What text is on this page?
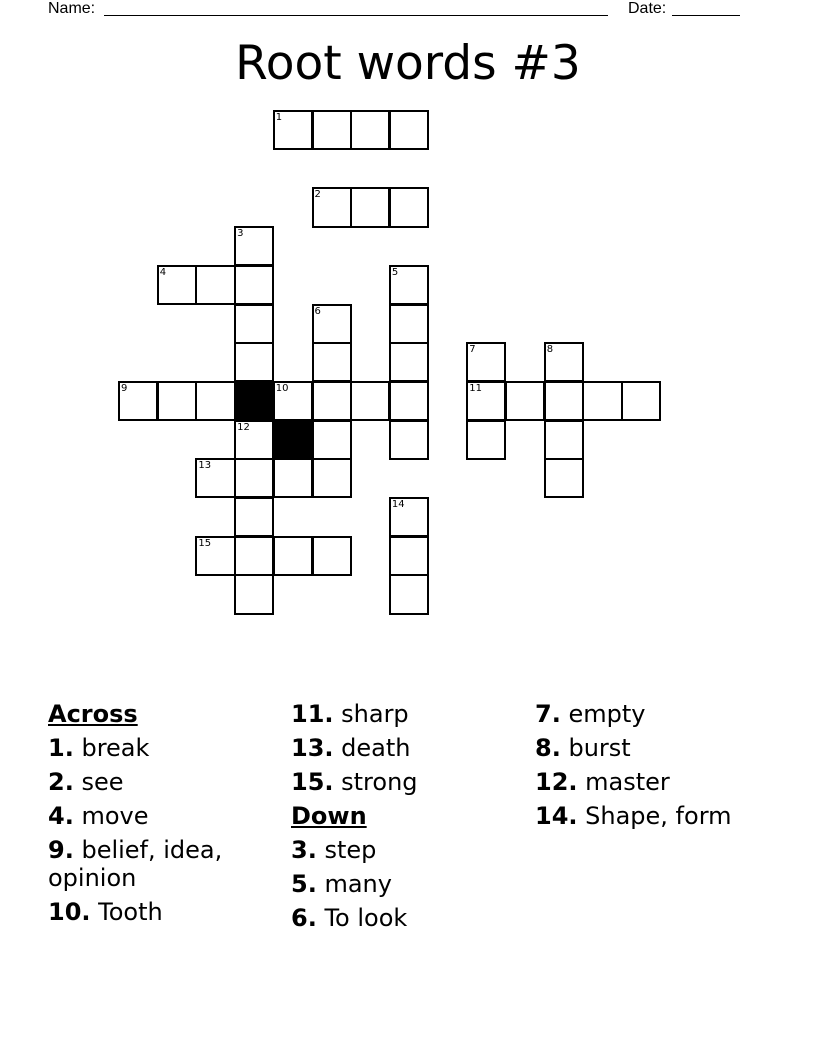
Name:	Date:
Root words #3
1
2
3
4	5
6
7	8
9	10	11
12
13
14
15
Across
1. break
2. see
4. move
9. belief, idea, opinion
10. Tooth
11. sharp
13. death
15. strong
Down
3. step
5. many
6. To look
7. empty
8. burst
12. master
14. Shape, form
